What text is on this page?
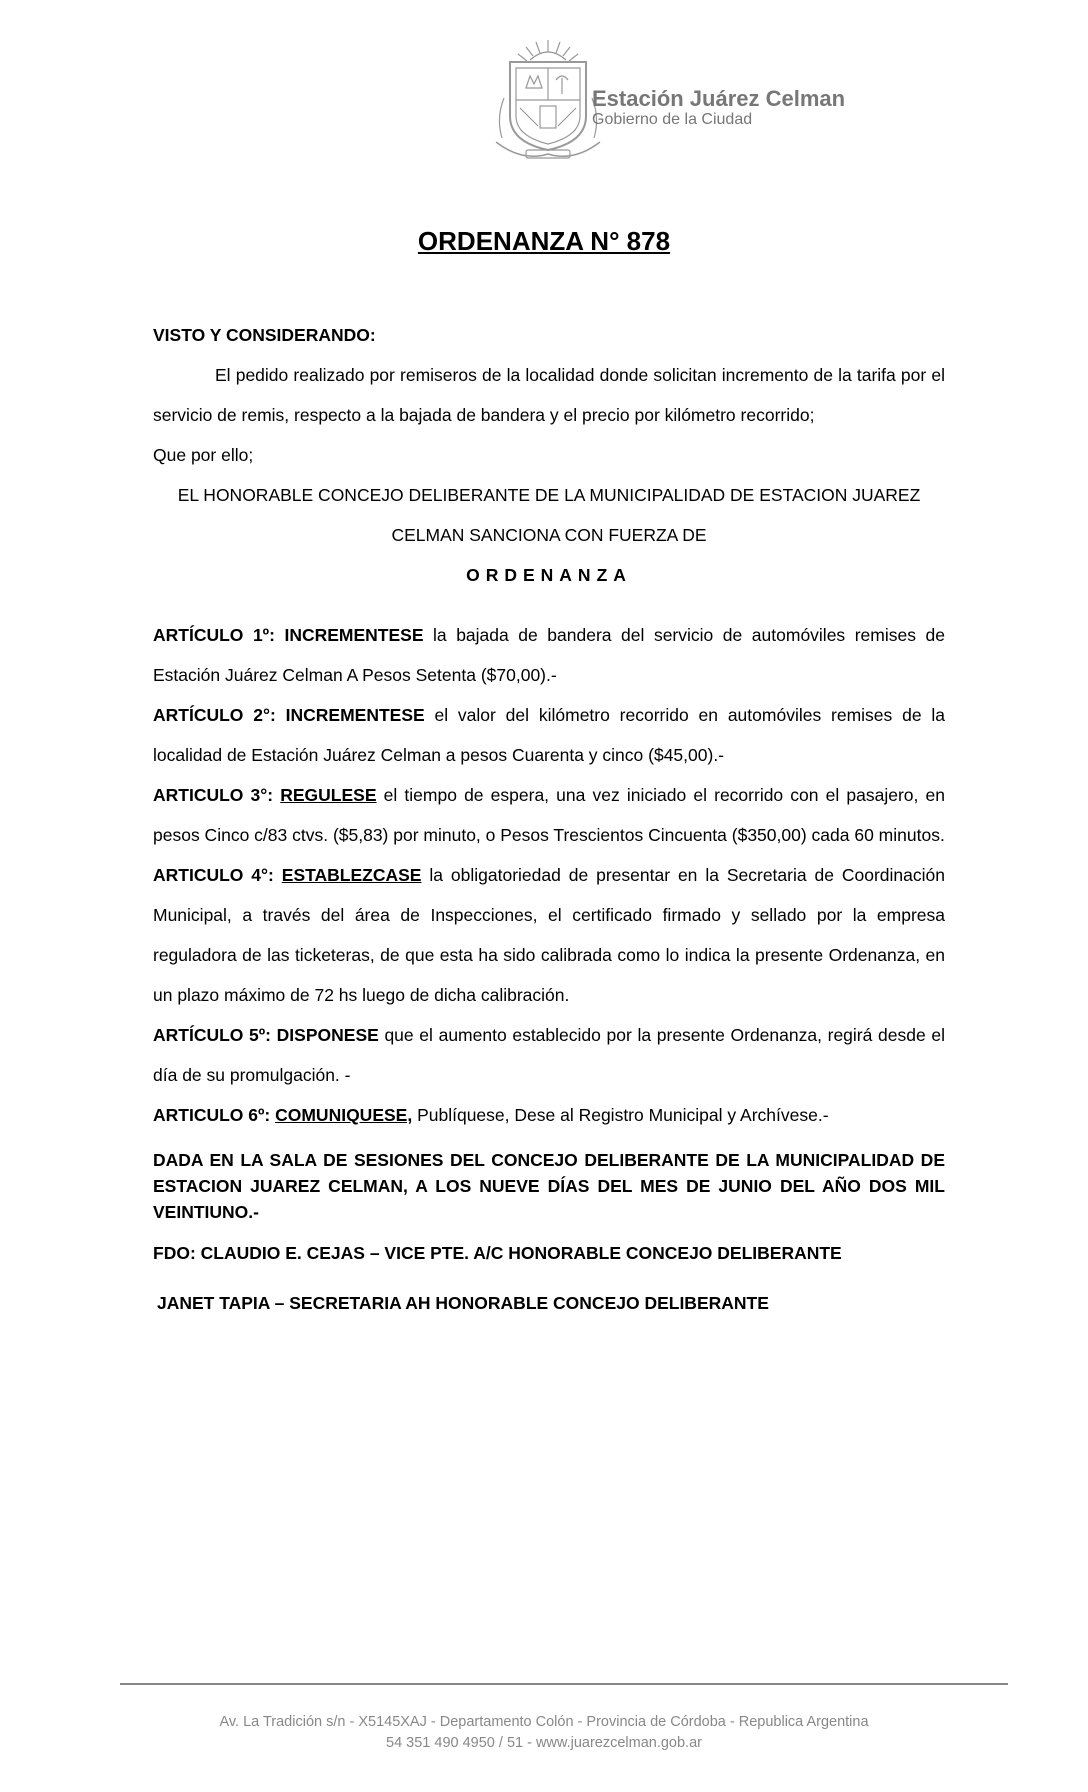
Estación Juárez Celman
Gobierno de la Ciudad
ORDENANZA N° 878

VISTO Y CONSIDERANDO:

El pedido realizado por remiseros de la localidad donde solicitan incremento de la tarifa por el servicio de remis, respecto a la bajada de bandera y el precio por kilómetro recorrido;

Que por ello;

EL HONORABLE CONCEJO DELIBERANTE DE LA MUNICIPALIDAD DE ESTACION JUAREZ

CELMAN SANCIONA CON FUERZA DE

ORDENANZA

ARTÍCULO 1º: INCREMENTESE la bajada de bandera del servicio de automóviles remises de Estación Juárez Celman A Pesos Setenta ($70,00).-

ARTÍCULO 2°: INCREMENTESE el valor del kilómetro recorrido en automóviles remises de la localidad de Estación Juárez Celman a pesos Cuarenta y cinco ($45,00).-

ARTICULO 3°: REGULESE el tiempo de espera, una vez iniciado el recorrido con el pasajero, en pesos Cinco c/83 ctvs. ($5,83) por minuto, o Pesos Trescientos Cincuenta ($350,00) cada 60 minutos.

ARTICULO 4°: ESTABLEZCASE la obligatoriedad de presentar en la Secretaria de Coordinación Municipal, a través del área de Inspecciones, el certificado firmado y sellado por la empresa reguladora de las ticketeras, de que esta ha sido calibrada como lo indica la presente Ordenanza, en un plazo máximo de 72 hs luego de dicha calibración.

ARTÍCULO 5º: DISPONESE que el aumento establecido por la presente Ordenanza, regirá desde el día de su promulgación. -

ARTICULO 6º: COMUNIQUESE, Publíquese, Dese al Registro Municipal y Archívese.-

DADA EN LA SALA DE SESIONES DEL CONCEJO DELIBERANTE DE LA MUNICIPALIDAD DE ESTACION JUAREZ CELMAN, A LOS NUEVE DÍAS DEL MES DE JUNIO DEL AÑO DOS MIL VEINTIUNO.-

FDO: CLAUDIO E. CEJAS – VICE PTE. A/C HONORABLE CONCEJO DELIBERANTE

JANET TAPIA – SECRETARIA AH HONORABLE CONCEJO DELIBERANTE

Av. La Tradición s/n - X5145XAJ - Departamento Colón - Provincia de Córdoba - Republica Argentina
54 351 490 4950 / 51 - www.juarezcelman.gob.ar
